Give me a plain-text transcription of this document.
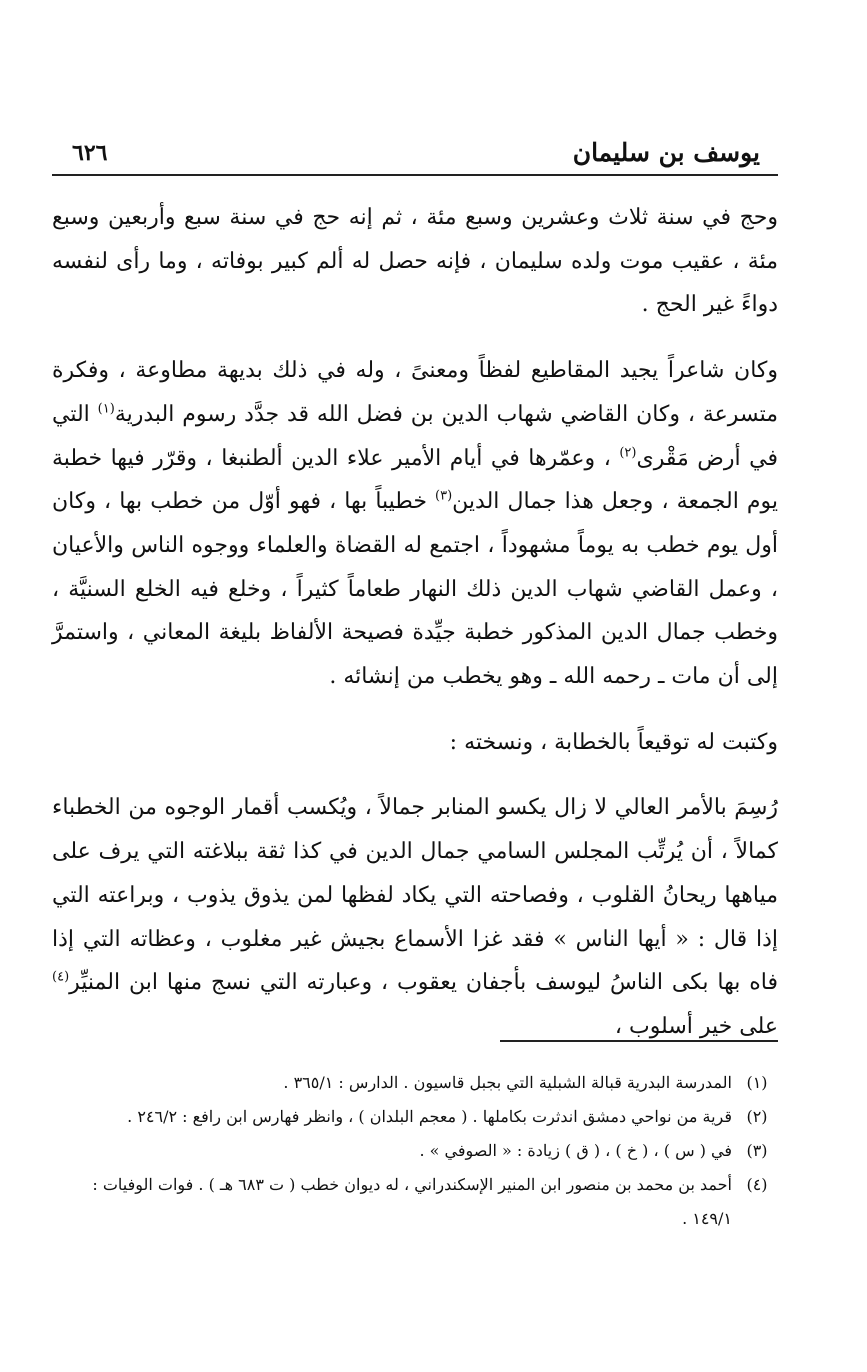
يوسف بن سليمان
٦٢٦

وحج في سنة ثلاث وعشرين وسبع مئة ، ثم إنه حج في سنة سبع وأربعين وسبع مئة ، عقيب موت ولده سليمان ، فإنه حصل له ألم كبير بوفاته ، وما رأى لنفسه دواءً غير الحج .

وكان شاعراً يجيد المقاطيع لفظاً ومعنىً ، وله في ذلك بديهة مطاوعة ، وفكرة متسرعة ، وكان القاضي شهاب الدين بن فضل الله قد جدَّد رسوم البدرية$^{(١)}$ التي في أرض مَقْرى$^{(٢)}$ ، وعمّرها في أيام الأمير علاء الدين ألطنبغا ، وقرّر فيها خطبة يوم الجمعة ، وجعل هذا جمال الدين$^{(٣)}$ خطيباً بها ، فهو أوّل من خطب بها ، وكان أول يوم خطب به يوماً مشهوداً ، اجتمع له القضاة والعلماء ووجوه الناس والأعيان ، وعمل القاضي شهاب الدين ذلك النهار طعاماً كثيراً ، وخلع فيه الخلع السنيَّة ، وخطب جمال الدين المذكور خطبة جيِّدة فصيحة الألفاظ بليغة المعاني ، واستمرَّ إلى أن مات ـ رحمه الله ـ وهو يخطب من إنشائه .

وكتبت له توقيعاً بالخطابة ، ونسخته :

رُسِمَ بالأمر العالي لا زال يكسو المنابر جمالاً ، ويُكسب أقمار الوجوه من الخطباء كمالاً ، أن يُرتِّب المجلس السامي جمال الدين في كذا ثقة ببلاغته التي يرف على مياهها ريحانُ القلوب ، وفصاحته التي يكاد لفظها لمن يذوق يذوب ، وبراعته التي إذا قال : « أيها الناس » فقد غزا الأسماع بجيش غير مغلوب ، وعظاته التي إذا فاه بها بكى الناسُ ليوسف بأجفان يعقوب ، وعبارته التي نسج منها ابن المنيِّر$^{(٤)}$ على خير أسلوب ،

(١)
المدرسة البدرية قبالة الشبلية التي بجبل قاسيون . الدارس : ٣٦٥/١ .
(٢)
قرية من نواحي دمشق اندثرت بكاملها . ( معجم البلدان ) ، وانظر فهارس ابن رافع : ٢٤٦/٢ .
(٣)
في ( س ) ، ( خ ) ، ( ق ) زيادة : « الصوفي » .
(٤)
أحمد بن محمد بن منصور ابن المنير الإسكندراني ، له ديوان خطب ( ت ٦٨٣ هـ ) . فوات الوفيات : ١٤٩/١ .
